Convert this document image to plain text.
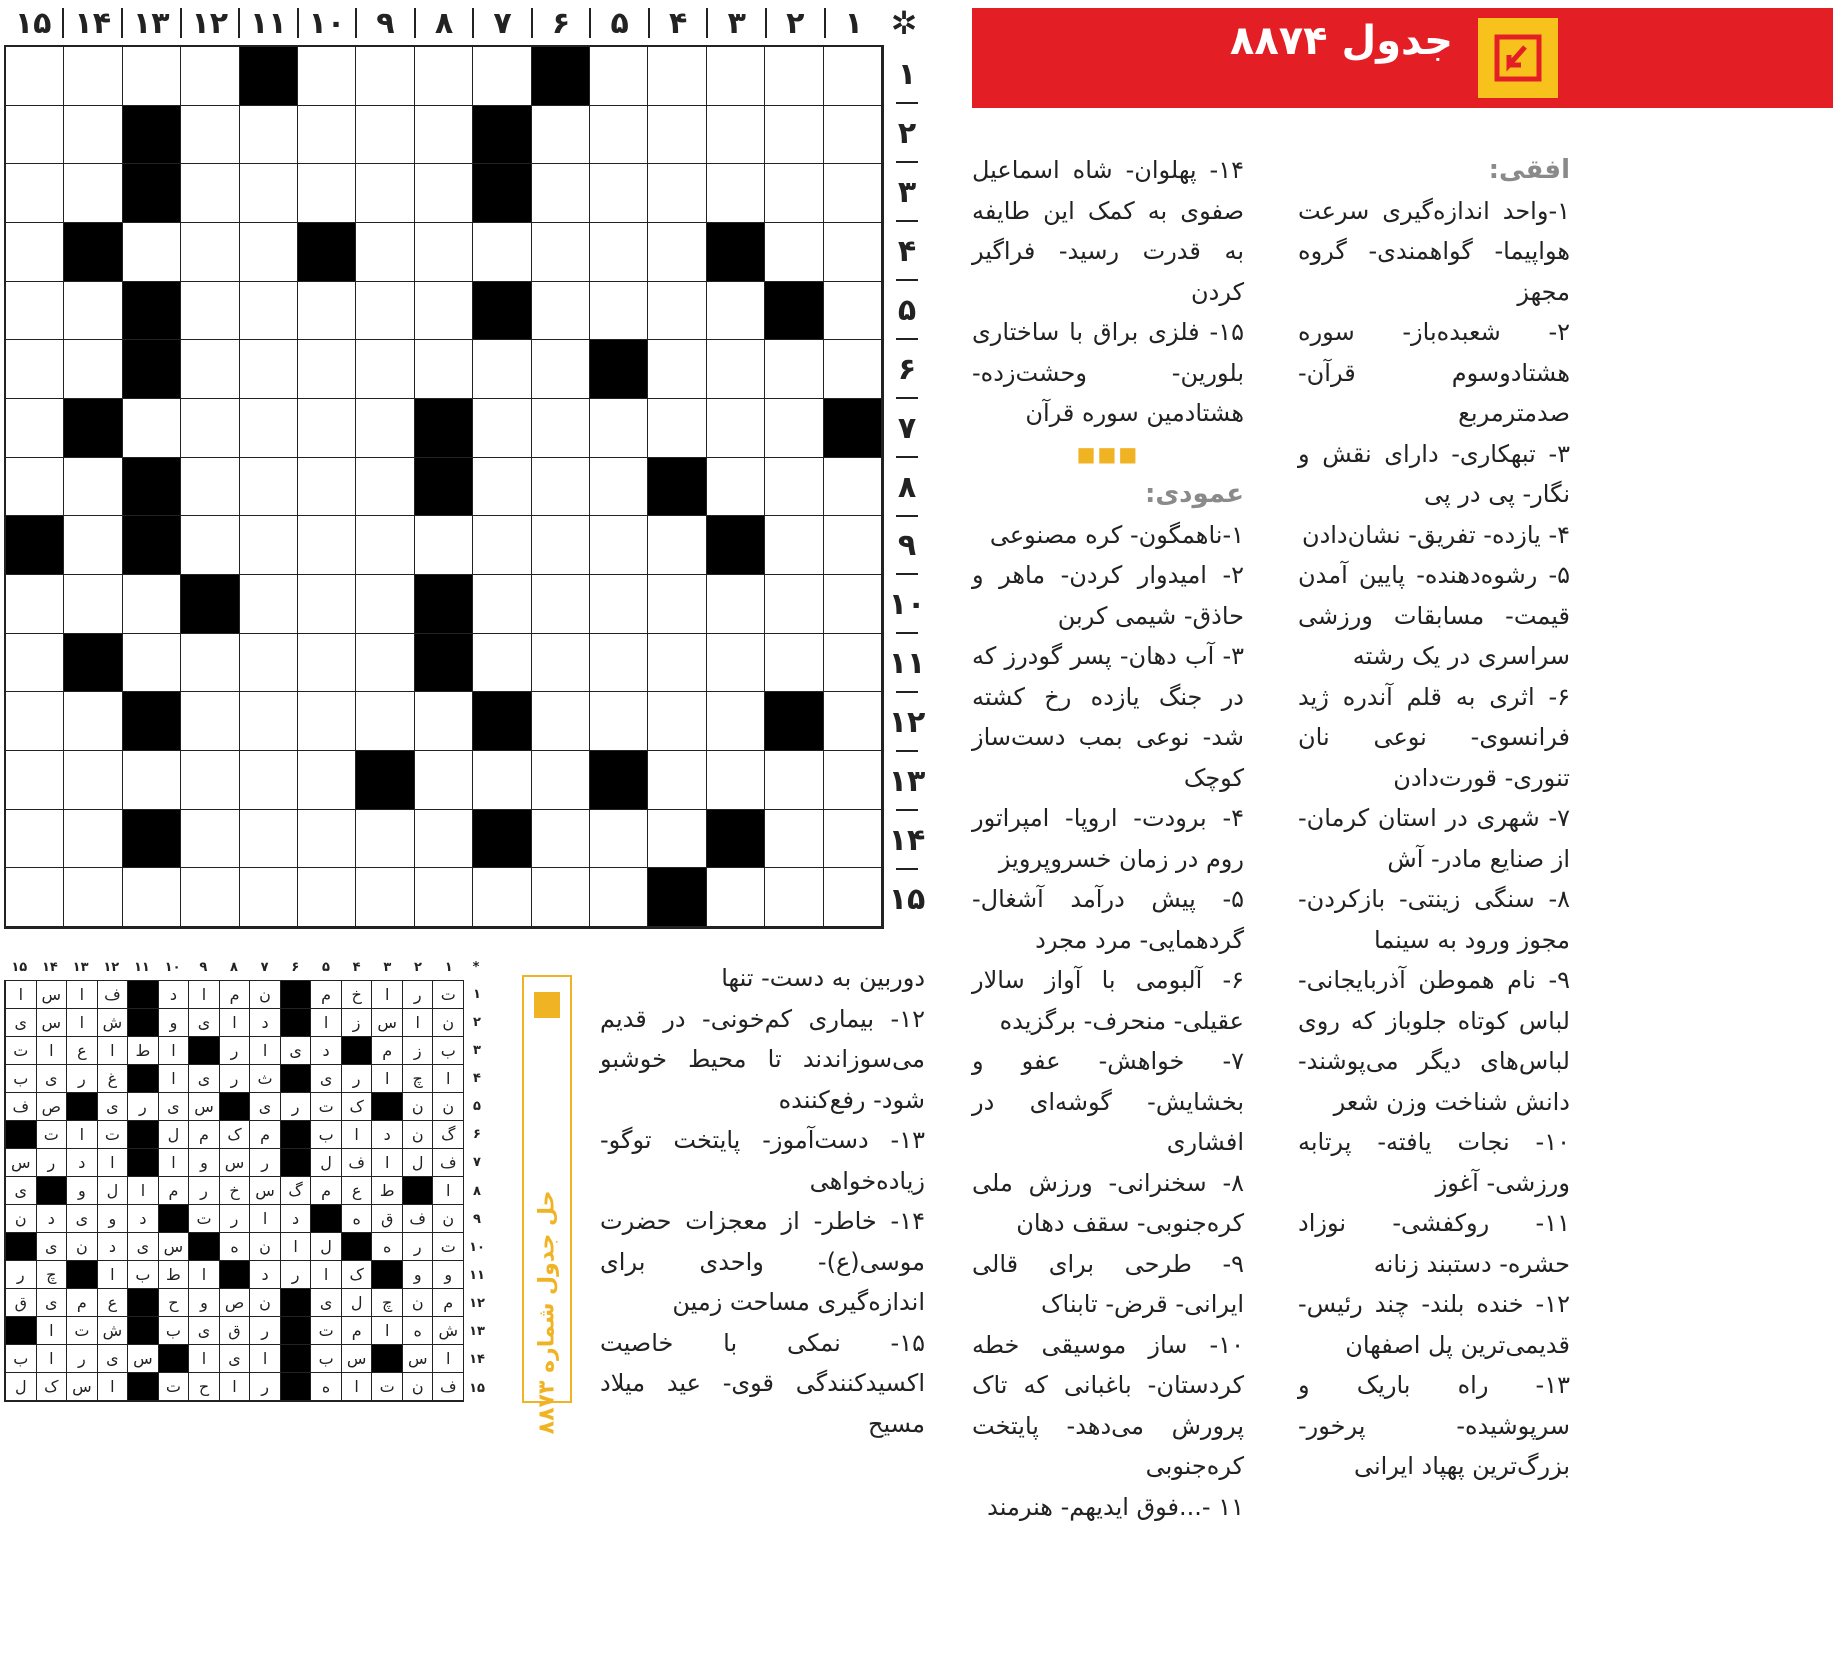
✲
۱
۲
۳
۴
۵
۶
۷
۸
۹
۱۰
۱۱
۱۲
۱۳
۱۴
۱۵
۱
۲
۳
۴
۵
۶
۷
۸
۹
۱۰
۱۱
۱۲
۱۳
۱۴
۱۵
جدول ۸۸۷۴

افقی:

۱-واحد اندازه‌گیری سرعت هواپیما- گواهمندی- گروه مجهز

۲- شعبده‌باز- سوره هشتادوسوم قرآن- صدمترمربع

۳- تبهکاری- دارای نقش و نگار- پی در پی

۴- یازده- تفریق- نشان‌دادن

۵- رشوه‌دهنده- پایین آمدن قیمت- مسابقات ورزشی سراسری در یک رشته

۶- اثری به قلم آندره ژید فرانسوی- نوعی نان تنوری- قورت‌دادن

۷- شهری در استان کرمان- از صنایع مادر- آش

۸- سنگی زینتی- بازکردن- مجوز ورود به سینما

۹- نام هموطن آذربایجانی- لباس کوتاه جلوباز که روی لباس‌های دیگر می‌پوشند- دانش شناخت وزن شعر

۱۰- نجات یافته- پرتابه ورزشی- آغوز

۱۱- روکفشی- نوزاد حشره- دستبند زنانه

۱۲- خنده بلند- چند رئیس- قدیمی‌ترین پل اصفهان

۱۳- راه باریک و سرپوشیده- پرخور- بزرگ‌ترین پهپاد ایرانی

۱۴- پهلوان- شاه اسماعیل صفوی به کمک این طایفه به قدرت رسید- فراگیر کردن

۱۵- فلزی براق با ساختاری بلورین- وحشت‌زده- هشتادمین سوره قرآن

■■■

عمودی:

۱-ناهمگون- کره مصنوعی

۲- امیدوار کردن- ماهر و حاذق- شیمی کربن

۳- آب دهان- پسر گودرز که در جنگ یازده رخ کشته شد- نوعی بمب دست‌ساز کوچک

۴- برودت- اروپا- امپراتور روم در زمان خسروپرویز

۵- پیش درآمد آشغال- گردهمایی- مرد مجرد

۶- آلبومی با آواز سالار عقیلی- منحرف- برگزیده

۷- خواهش- عفو و بخشایش- گوشه‌ای در افشاری

۸- سخنرانی- ورزش ملی کره‌جنوبی- سقف دهان

۹- طرحی برای قالی ایرانی- قرض- تابناک

۱۰- ساز موسیقی خطه کردستان- باغبانی که تاک پرورش می‌دهد- پایتخت کره‌جنوبی

۱۱ -...فوق ایدیهم- هنرمند

دوربین به دست- تنها

۱۲- بیماری کم‌خونی- در قدیم می‌سوزاندند تا محیط خوشبو شود- رفع‌کننده

۱۳- دست‌آموز- پایتخت توگو- زیاده‌خواهی

۱۴- خاطر- از معجزات حضرت موسی(ع)- واحدی برای اندازه‌گیری مساحت زمین

۱۵- نمکی با خاصیت اکسیدکنندگی قوی- عید میلاد مسیح

*
۱
۲
۳
۴
۵
۶
۷
۸
۹
۱۰
۱۱
۱۲
۱۳
۱۴
۱۵
ت
ر
ا
خ
م
ن
م
ا
د
ف
ا
س
ا
ن
ا
س
ز
ا
د
ا
ی
و
ش
ا
س
ی
ب
ز
م
د
ی
ا
ر
ا
ط
ا
ع
ا
ت
ا
چ
ا
ر
ی
ث
ر
ی
ا
غ
ر
ی
ب
ن
ن
ک
ت
ر
ی
س
ی
ر
ی
ص
ف
گ
ن
د
ا
ب
م
ک
م
ل
ت
ا
ت
ف
ل
ا
ف
ل
ر
س
و
ا
ا
د
ر
س
ا
ط
ع
م
گ
س
خ
ر
م
ا
ل
و
ی
ن
ف
ق
ه
د
ا
ر
ت
د
و
ی
د
ن
ت
ر
ه
ل
ا
ن
ه
س
ی
د
ن
ی
و
و
ک
ا
ر
د
ا
ط
ب
ا
چ
ر
م
ن
چ
ل
ی
ن
ص
و
ح
ع
م
ی
ق
ش
ه
ا
م
ت
ر
ق
ی
ب
ش
ت
ا
ا
س
س
ب
ا
ی
ا
س
ی
ر
ا
ب
ف
ن
ت
ا
ه
ر
ا
ح
ت
ا
س
ک
ل
۱
۲
۳
۴
۵
۶
۷
۸
۹
۱۰
۱۱
۱۲
۱۳
۱۴
۱۵ حل جدول شماره ۸۸۷۳
